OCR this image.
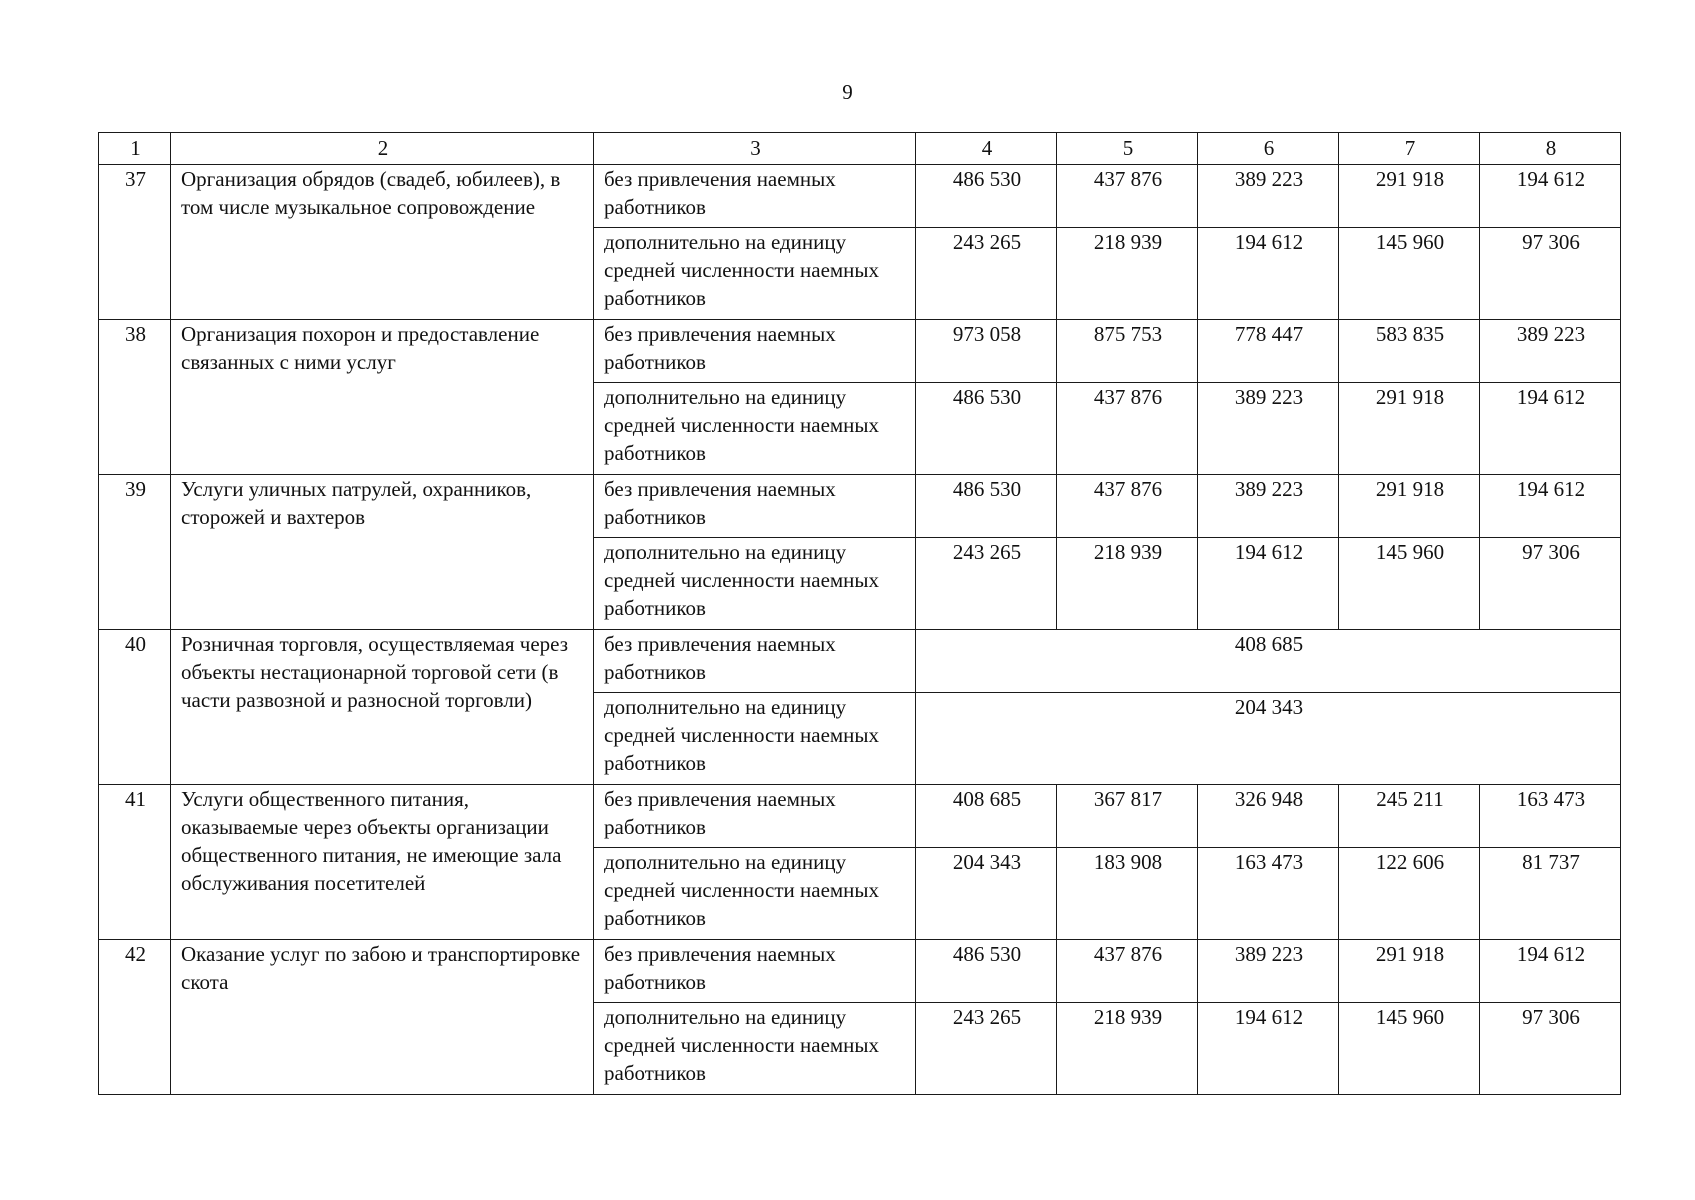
9
1	2	3	4	5	6	7	8
37	Организация обрядов (свадеб, юбилеев), в том числе музыкальное сопровождение	без привлечения наемных работников	486 530	437 876	389 223	291 918	194 612
		дополнительно на единицу средней численности наемных работников	243 265	218 939	194 612	145 960	97 306
38	Организация похорон и предоставление связанных с ними услуг	без привлечения наемных работников	973 058	875 753	778 447	583 835	389 223
		дополнительно на единицу средней численности наемных работников	486 530	437 876	389 223	291 918	194 612
39	Услуги уличных патрулей, охранников, сторожей и вахтеров	без привлечения наемных работников	486 530	437 876	389 223	291 918	194 612
		дополнительно на единицу средней численности наемных работников	243 265	218 939	194 612	145 960	97 306
40	Розничная торговля, осуществляемая через объекты нестационарной торговой сети (в части развозной и разносной торговли)	без привлечения наемных работников	408 685				
		дополнительно на единицу средней численности наемных работников	204 343				
41	Услуги общественного питания, оказываемые через объекты организации общественного питания, не имеющие зала обслуживания посетителей	без привлечения наемных работников	408 685	367 817	326 948	245 211	163 473
		дополнительно на единицу средней численности наемных работников	204 343	183 908	163 473	122 606	81 737
42	Оказание услуг по забою и транспортировке скота	без привлечения наемных работников	486 530	437 876	389 223	291 918	194 612
		дополнительно на единицу средней численности наемных работников	243 265	218 939	194 612	145 960	97 306
